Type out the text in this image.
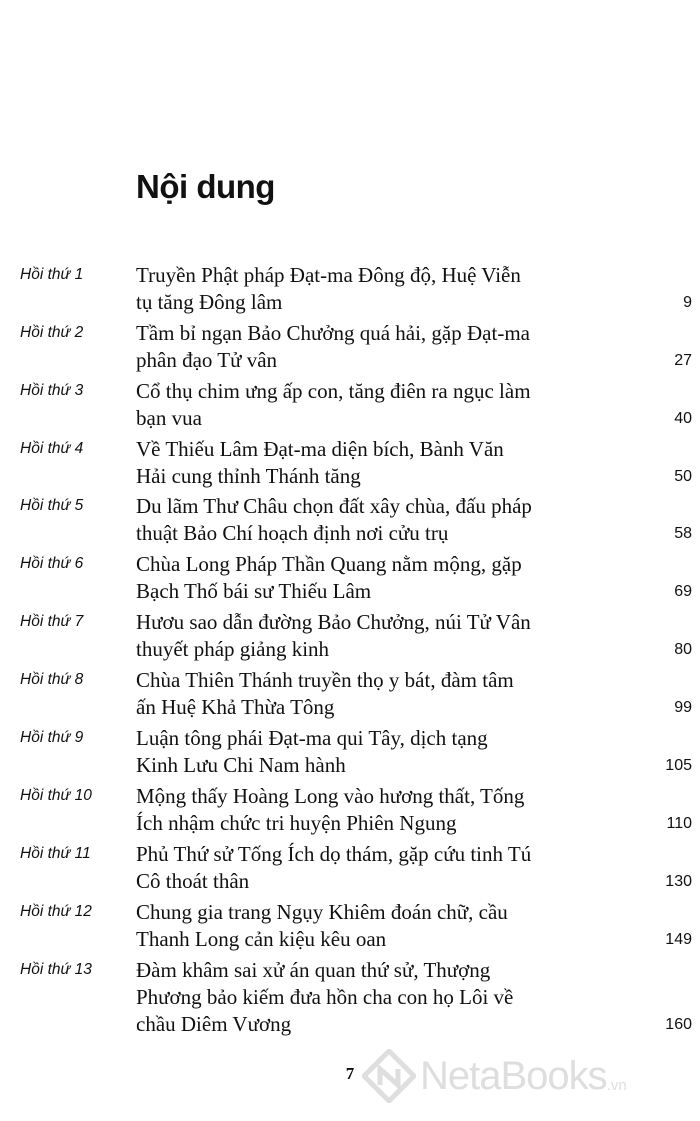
Nội dung
Hồi thứ 1	Truyền Phật pháp Đạt-ma Đông độ, Huệ Viễn
tụ tăng Đông lâm	9
Hồi thứ 2	Tầm bỉ ngạn Bảo Chưởng quá hải, gặp Đạt-ma
phân đạo Tử vân	27
Hồi thứ 3	Cổ thụ chim ưng ấp con, tăng điên ra ngục làm
bạn vua	40
Hồi thứ 4	Về Thiếu Lâm Đạt-ma diện bích, Bành Văn
Hải cung thỉnh Thánh tăng	50
Hồi thứ 5	Du lãm Thư Châu chọn đất xây chùa, đấu pháp
thuật Bảo Chí hoạch định nơi cửu trụ	58
Hồi thứ 6	Chùa Long Pháp Thần Quang nằm mộng, gặp
Bạch Thố bái sư Thiếu Lâm	69
Hồi thứ 7	Hươu sao dẫn đường Bảo Chưởng, núi Tử Vân
thuyết pháp giảng kinh	80
Hồi thứ 8	Chùa Thiên Thánh truyền thọ y bát, đàm tâm
ấn Huệ Khả Thừa Tông	99
Hồi thứ 9	Luận tông phái Đạt-ma qui Tây, dịch tạng
Kinh Lưu Chi Nam hành	105
Hồi thứ 10 Mộng thấy Hoàng Long vào hương thất, Tống
Ích nhậm chức tri huyện Phiên Ngung	110
Hồi thứ 11 Phủ Thứ sử Tống Ích dọ thám, gặp cứu tinh Tú
Cô thoát thân	130
Hồi thứ 12 Chung gia trang Ngụy Khiêm đoán chữ, cầu
Thanh Long cản kiệu kêu oan	149
Hồi thứ 13 Đàm khâm sai xử án quan thứ sử, Thượng
Phương bảo kiếm đưa hồn cha con họ Lôi về
chầu Diêm Vương	160
7	NetaBooks .vn
